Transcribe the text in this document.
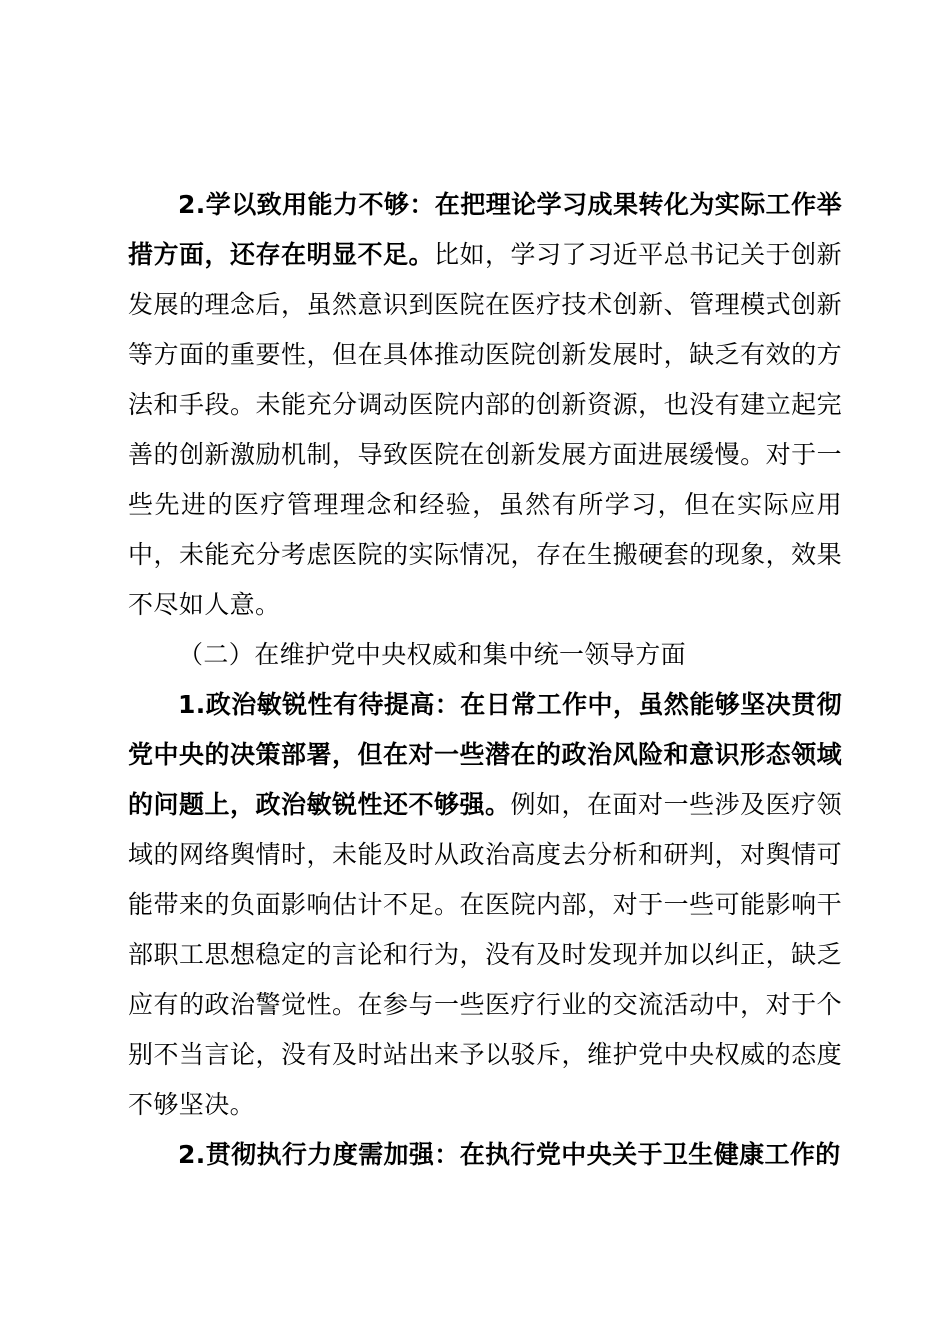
2.学以致用能力不够：在把理论学习成果转化为实际工作举措方面，还存在明显不足。比如，学习了习近平总书记关于创新发展的理念后，虽然意识到医院在医疗技术创新、管理模式创新等方面的重要性，但在具体推动医院创新发展时，缺乏有效的方法和手段。未能充分调动医院内部的创新资源，也没有建立起完善的创新激励机制，导致医院在创新发展方面进展缓慢。对于一些先进的医疗管理理念和经验，虽然有所学习，但在实际应用中，未能充分考虑医院的实际情况，存在生搬硬套的现象，效果不尽如人意。

（二）在维护党中央权威和集中统一领导方面

1.政治敏锐性有待提高：在日常工作中，虽然能够坚决贯彻党中央的决策部署，但在对一些潜在的政治风险和意识形态领域的问题上，政治敏锐性还不够强。例如，在面对一些涉及医疗领域的网络舆情时，未能及时从政治高度去分析和研判，对舆情可能带来的负面影响估计不足。在医院内部，对于一些可能影响干部职工思想稳定的言论和行为，没有及时发现并加以纠正，缺乏应有的政治警觉性。在参与一些医疗行业的交流活动中，对于个别不当言论，没有及时站出来予以驳斥，维护党中央权威的态度不够坚决。

2.贯彻执行力度需加强：在执行党中央关于卫生健康工作的
